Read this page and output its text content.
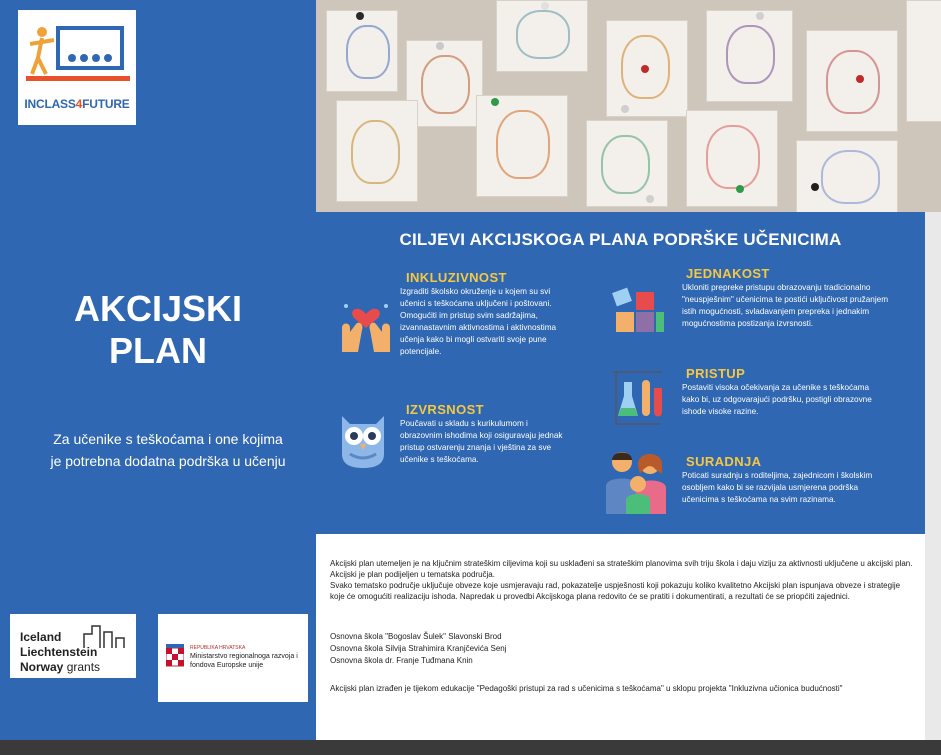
INCLASS4FUTURE
AKCIJSKI
PLAN
Za učenike s teškoćama i one kojima je potrebna dodatna podrška u učenju
Iceland
Liechtenstein
Norway grants
REPUBLIKA HRVATSKA
Ministarstvo regionalnoga razvoja i fondova Europske unije
CILJEVI AKCIJSKOGA PLANA PODRŠKE UČENICIMA
INKLUZIVNOST

Izgraditi školsko okruženje u kojem su svi učenici s teškoćama uključeni i poštovani. Omogućiti im pristup svim sadržajima, izvannastavnim aktivnostima i aktivnostima učenja kako bi mogli ostvariti svoje pune potencijale.

IZVRSNOST

Poučavati u skladu s kurikulumom i obrazovnim ishodima koji osiguravaju jednak pristup ostvarenju znanja i vještina za sve učenike s teškoćama.

JEDNAKOST

Ukloniti prepreke pristupu obrazovanju tradicionalno "neuspješnim" učenicima te postići uključivost pružanjem istih mogućnosti, svladavanjem prepreka i jednakim mogućnostima postizanja izvrsnosti.

PRISTUP

Postaviti visoka očekivanja za učenike s teškoćama kako bi, uz odgovarajući podršku, postigli obrazovne ishode visoke razine.

SURADNJA

Poticati suradnju s roditeljima, zajednicom i školskim osobljem kako bi se razvijala usmjerena podrška učenicima s teškoćama na svim razinama.

Akcijski plan utemeljen je na ključnim strateškim ciljevima koji su usklađeni sa strateškim planovima svih triju škola i daju viziju za aktivnosti uključene u akcijski plan. Akcijski je plan podijeljen u tematska područja.
Svako tematsko područje uključuje obveze koje usmjeravaju rad, pokazatelje uspješnosti koji pokazuju koliko kvalitetno Akcijski plan ispunjava obveze i strategije koje će omogućiti realizaciju ishoda. Napredak u provedbi Akcijskoga plana redovito će se pratiti i dokumentirati, a rezultati će se priopćiti zajednici.
Osnovna škola "Bogoslav Šulek" Slavonski Brod
Osnovna škola Silvija Strahimira Kranjčevića Senj
Osnovna škola dr. Franje Tuđmana Knin
Akcijski plan izrađen je tijekom edukacije "Pedagoški pristupi za rad s učenicima s teškoćama" u sklopu projekta "Inkluzivna učionica budućnosti"
